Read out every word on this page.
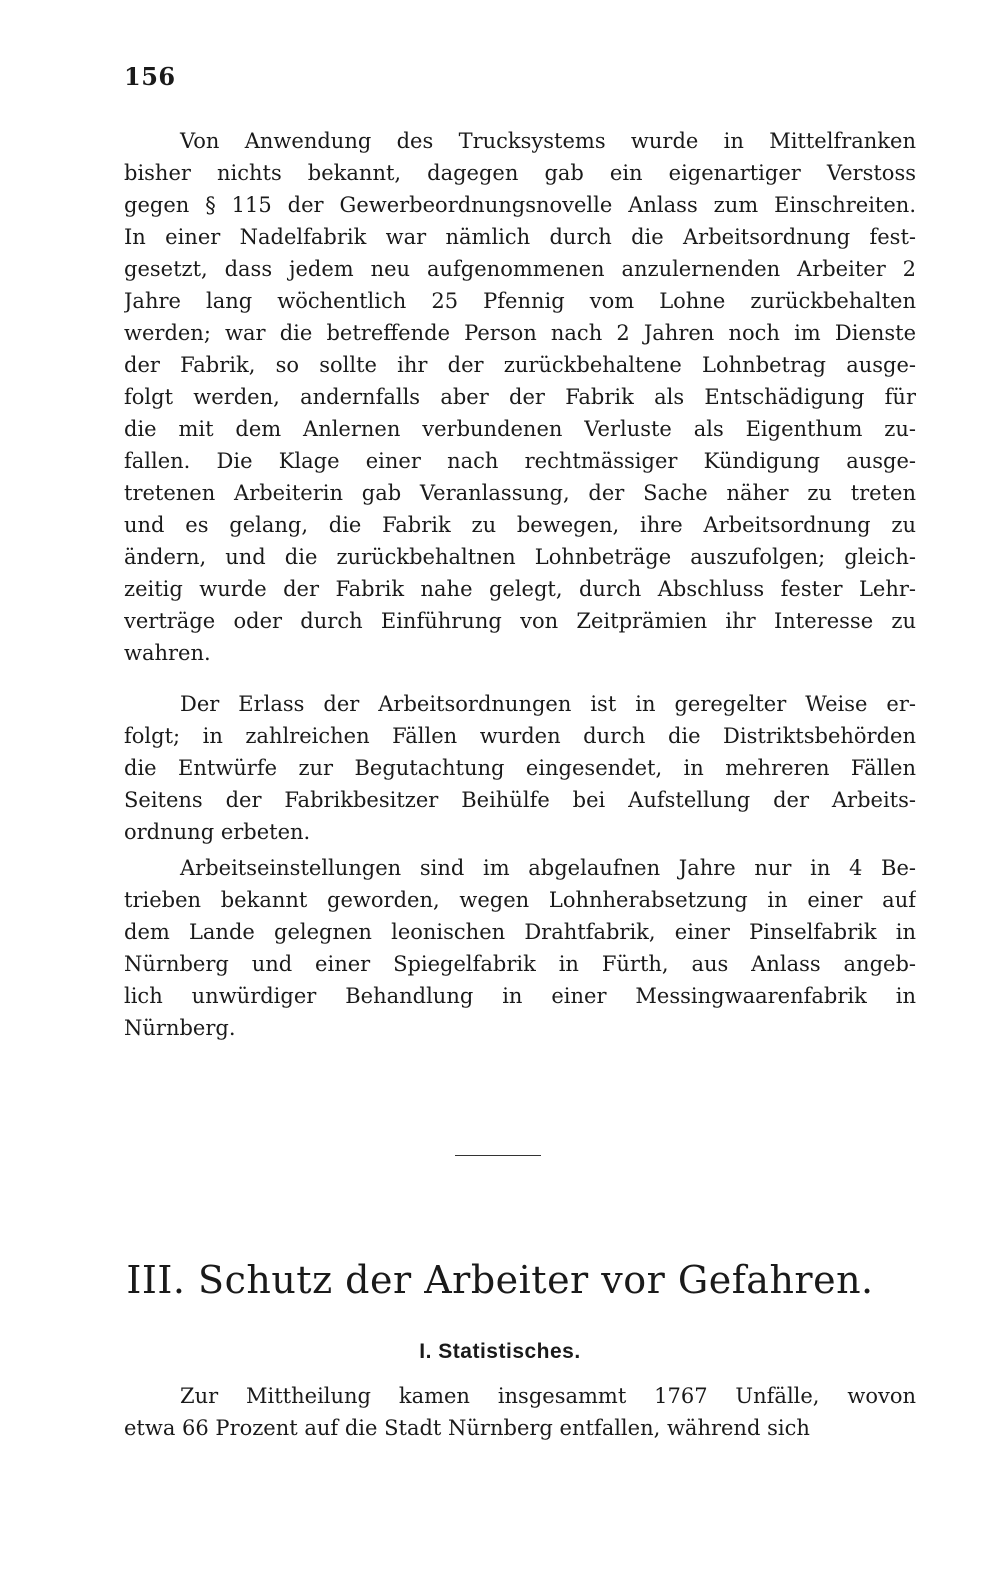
156
Von Anwendung des Trucksystems wurde in Mittelfranken
bisher nichts bekannt, dagegen gab ein eigenartiger Verstoss
gegen § 115 der Gewerbeordnungsnovelle Anlass zum Einschreiten.
In einer Nadelfabrik war nämlich durch die Arbeitsordnung fest-
gesetzt, dass jedem neu aufgenommenen anzulernenden Arbeiter 2
Jahre lang wöchentlich 25 Pfennig vom Lohne zurückbehalten
werden; war die betreffende Person nach 2 Jahren noch im Dienste
der Fabrik, so sollte ihr der zurückbehaltene Lohnbetrag ausge-
folgt werden, andernfalls aber der Fabrik als Entschädigung für
die mit dem Anlernen verbundenen Verluste als Eigenthum zu-
fallen. Die Klage einer nach rechtmässiger Kündigung ausge-
tretenen Arbeiterin gab Veranlassung, der Sache näher zu treten
und es gelang, die Fabrik zu bewegen, ihre Arbeitsordnung zu
ändern, und die zurückbehaltnen Lohnbeträge auszufolgen; gleich-
zeitig wurde der Fabrik nahe gelegt, durch Abschluss fester Lehr-
verträge oder durch Einführung von Zeitprämien ihr Interesse zu
wahren.
Der Erlass der Arbeitsordnungen ist in geregelter Weise er-
folgt; in zahlreichen Fällen wurden durch die Distriktsbehörden
die Entwürfe zur Begutachtung eingesendet, in mehreren Fällen
Seitens der Fabrikbesitzer Beihülfe bei Aufstellung der Arbeits-
ordnung erbeten.
Arbeitseinstellungen sind im abgelaufnen Jahre nur in 4 Be-
trieben bekannt geworden, wegen Lohnherabsetzung in einer auf
dem Lande gelegnen leonischen Drahtfabrik, einer Pinselfabrik in
Nürnberg und einer Spiegelfabrik in Fürth, aus Anlass angeb-
lich unwürdiger Behandlung in einer Messingwaarenfabrik in
Nürnberg.
III. Schutz der Arbeiter vor Gefahren.
I. Statistisches.
Zur Mittheilung kamen insgesammt 1767 Unfälle, wovon
etwa 66 Prozent auf die Stadt Nürnberg entfallen, während sich
